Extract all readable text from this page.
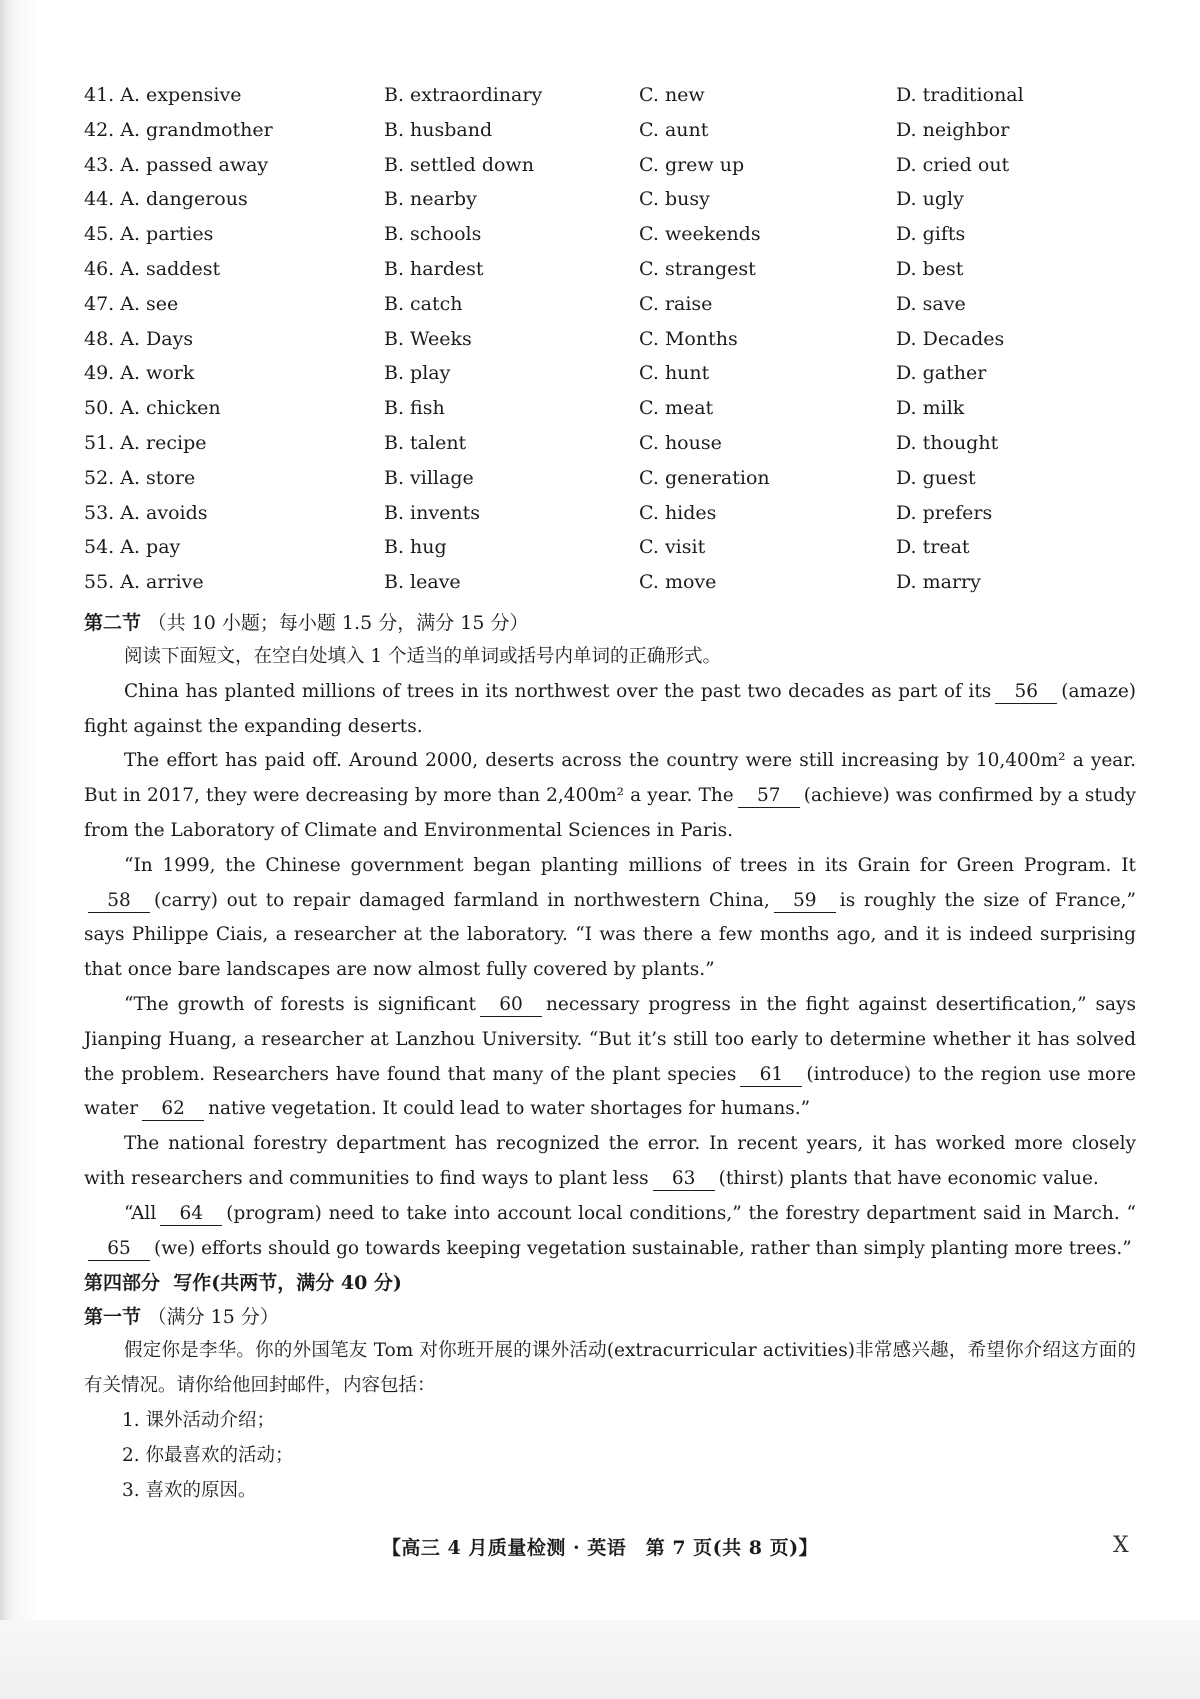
41. A. expensive	B. extraordinary	C. new	D. traditional
42. A. grandmother	B. husband	C. aunt	D. neighbor
43. A. passed away	B. settled down	C. grew up	D. cried out
44. A. dangerous	B. nearby	C. busy	D. ugly
45. A. parties	B. schools	C. weekends	D. gifts
46. A. saddest	B. hardest	C. strangest	D. best
47. A. see	B. catch	C. raise	D. save
48. A. Days	B. Weeks	C. Months	D. Decades
49. A. work	B. play	C. hunt	D. gather
50. A. chicken	B. fish	C. meat	D. milk
51. A. recipe	B. talent	C. house	D. thought
52. A. store	B. village	C. generation	D. guest
53. A. avoids	B. invents	C. hides	D. prefers
54. A. pay	B. hug	C. visit	D. treat
55. A. arrive	B. leave	C. move	D. marry
第二节 （共 10 小题；每小题 1.5 分，满分 15 分）

阅读下面短文，在空白处填入 1 个适当的单词或括号内单词的正确形式。

China has planted millions of trees in its northwest over the past two decades as part of its 56 (amaze) fight against the expanding deserts.

The effort has paid off. Around 2000, deserts across the country were still increasing by 10,400m² a year. But in 2017, they were decreasing by more than 2,400m² a year. The 57 (achieve) was confirmed by a study from the Laboratory of Climate and Environmental Sciences in Paris.

“In 1999, the Chinese government began planting millions of trees in its Grain for Green Program. It58 (carry) out to repair damaged farmland in northwestern China, 59 is roughly the size of France,” says Philippe Ciais, a researcher at the laboratory. “I was there a few months ago, and it is indeed surprising that once bare landscapes are now almost fully covered by plants.”

“The growth of forests is significant 60 necessary progress in the fight against desertification,” says Jianping Huang, a researcher at Lanzhou University. “But it’s still too early to determine whether it has solved the problem. Researchers have found that many of the plant species 61 (introduce) to the region use more water 62 native vegetation. It could lead to water shortages for humans.”

The national forestry department has recognized the error. In recent years, it has worked more closely with researchers and communities to find ways to plant less 63 (thirst) plants that have economic value.

“All 64 (program) need to take into account local conditions,” the forestry department said in March. “65 (we) efforts should go towards keeping vegetation sustainable, rather than simply planting more trees.”

第四部分 写作(共两节，满分 40 分)
第一节 （满分 15 分）

假定你是李华。你的外国笔友 Tom 对你班开展的课外活动(extracurricular activities)非常感兴趣，希望你介绍这方面的有关情况。请你给他回封邮件，内容包括：

1. 课外活动介绍；
2. 你最喜欢的活动；
3. 喜欢的原因。
【高三 4 月质量检测 · 英语　第 7 页(共 8 页)】	X
